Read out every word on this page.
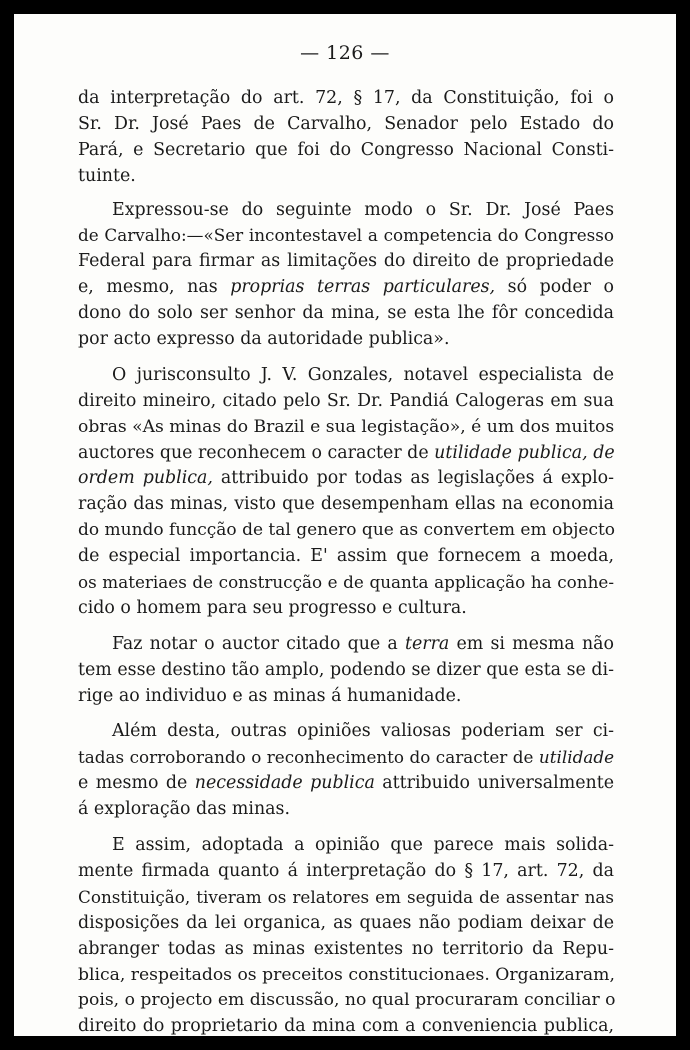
— 126 —
da interpretação do art. 72, § 17, da Constituição, foi o
Sr. Dr. José Paes de Carvalho, Senador pelo Estado do
Pará, e Secretario que foi do Congresso Nacional Consti-
tuinte.
Expressou-se do seguinte modo o Sr. Dr. José Paes
de Carvalho:—«Ser incontestavel a competencia do Congresso
Federal para firmar as limitações do direito de propriedade
e, mesmo, nas proprias terras particulares, só poder o
dono do solo ser senhor da mina, se esta lhe fôr concedida
por acto expresso da autoridade publica».
O jurisconsulto J. V. Gonzales, notavel especialista de
direito mineiro, citado pelo Sr. Dr. Pandiá Calogeras em sua
obras «As minas do Brazil e sua legistação», é um dos muitos
auctores que reconhecem o caracter de utilidade publica, de
ordem publica, attribuido por todas as legislações á explo-
ração das minas, visto que desempenham ellas na economia
do mundo funcção de tal genero que as convertem em objecto
de especial importancia. E' assim que fornecem a moeda,
os materiaes de construcção e de quanta applicação ha conhe-
cido o homem para seu progresso e cultura.
Faz notar o auctor citado que a terra em si mesma não
tem esse destino tão amplo, podendo se dizer que esta se di-
rige ao individuo e as minas á humanidade.
Além desta, outras opiniões valiosas poderiam ser ci-
tadas corroborando o reconhecimento do caracter de utilidade
e mesmo de necessidade publica attribuido universalmente
á exploração das minas.
E assim, adoptada a opinião que parece mais solida-
mente firmada quanto á interpretação do § 17, art. 72, da
Constituição, tiveram os relatores em seguida de assentar nas
disposições da lei organica, as quaes não podiam deixar de
abranger todas as minas existentes no territorio da Repu-
blica, respeitados os preceitos constitucionaes. Organizaram,
pois, o projecto em discussão, no qual procuraram conciliar o
direito do proprietario da mina com a conveniencia publica,
